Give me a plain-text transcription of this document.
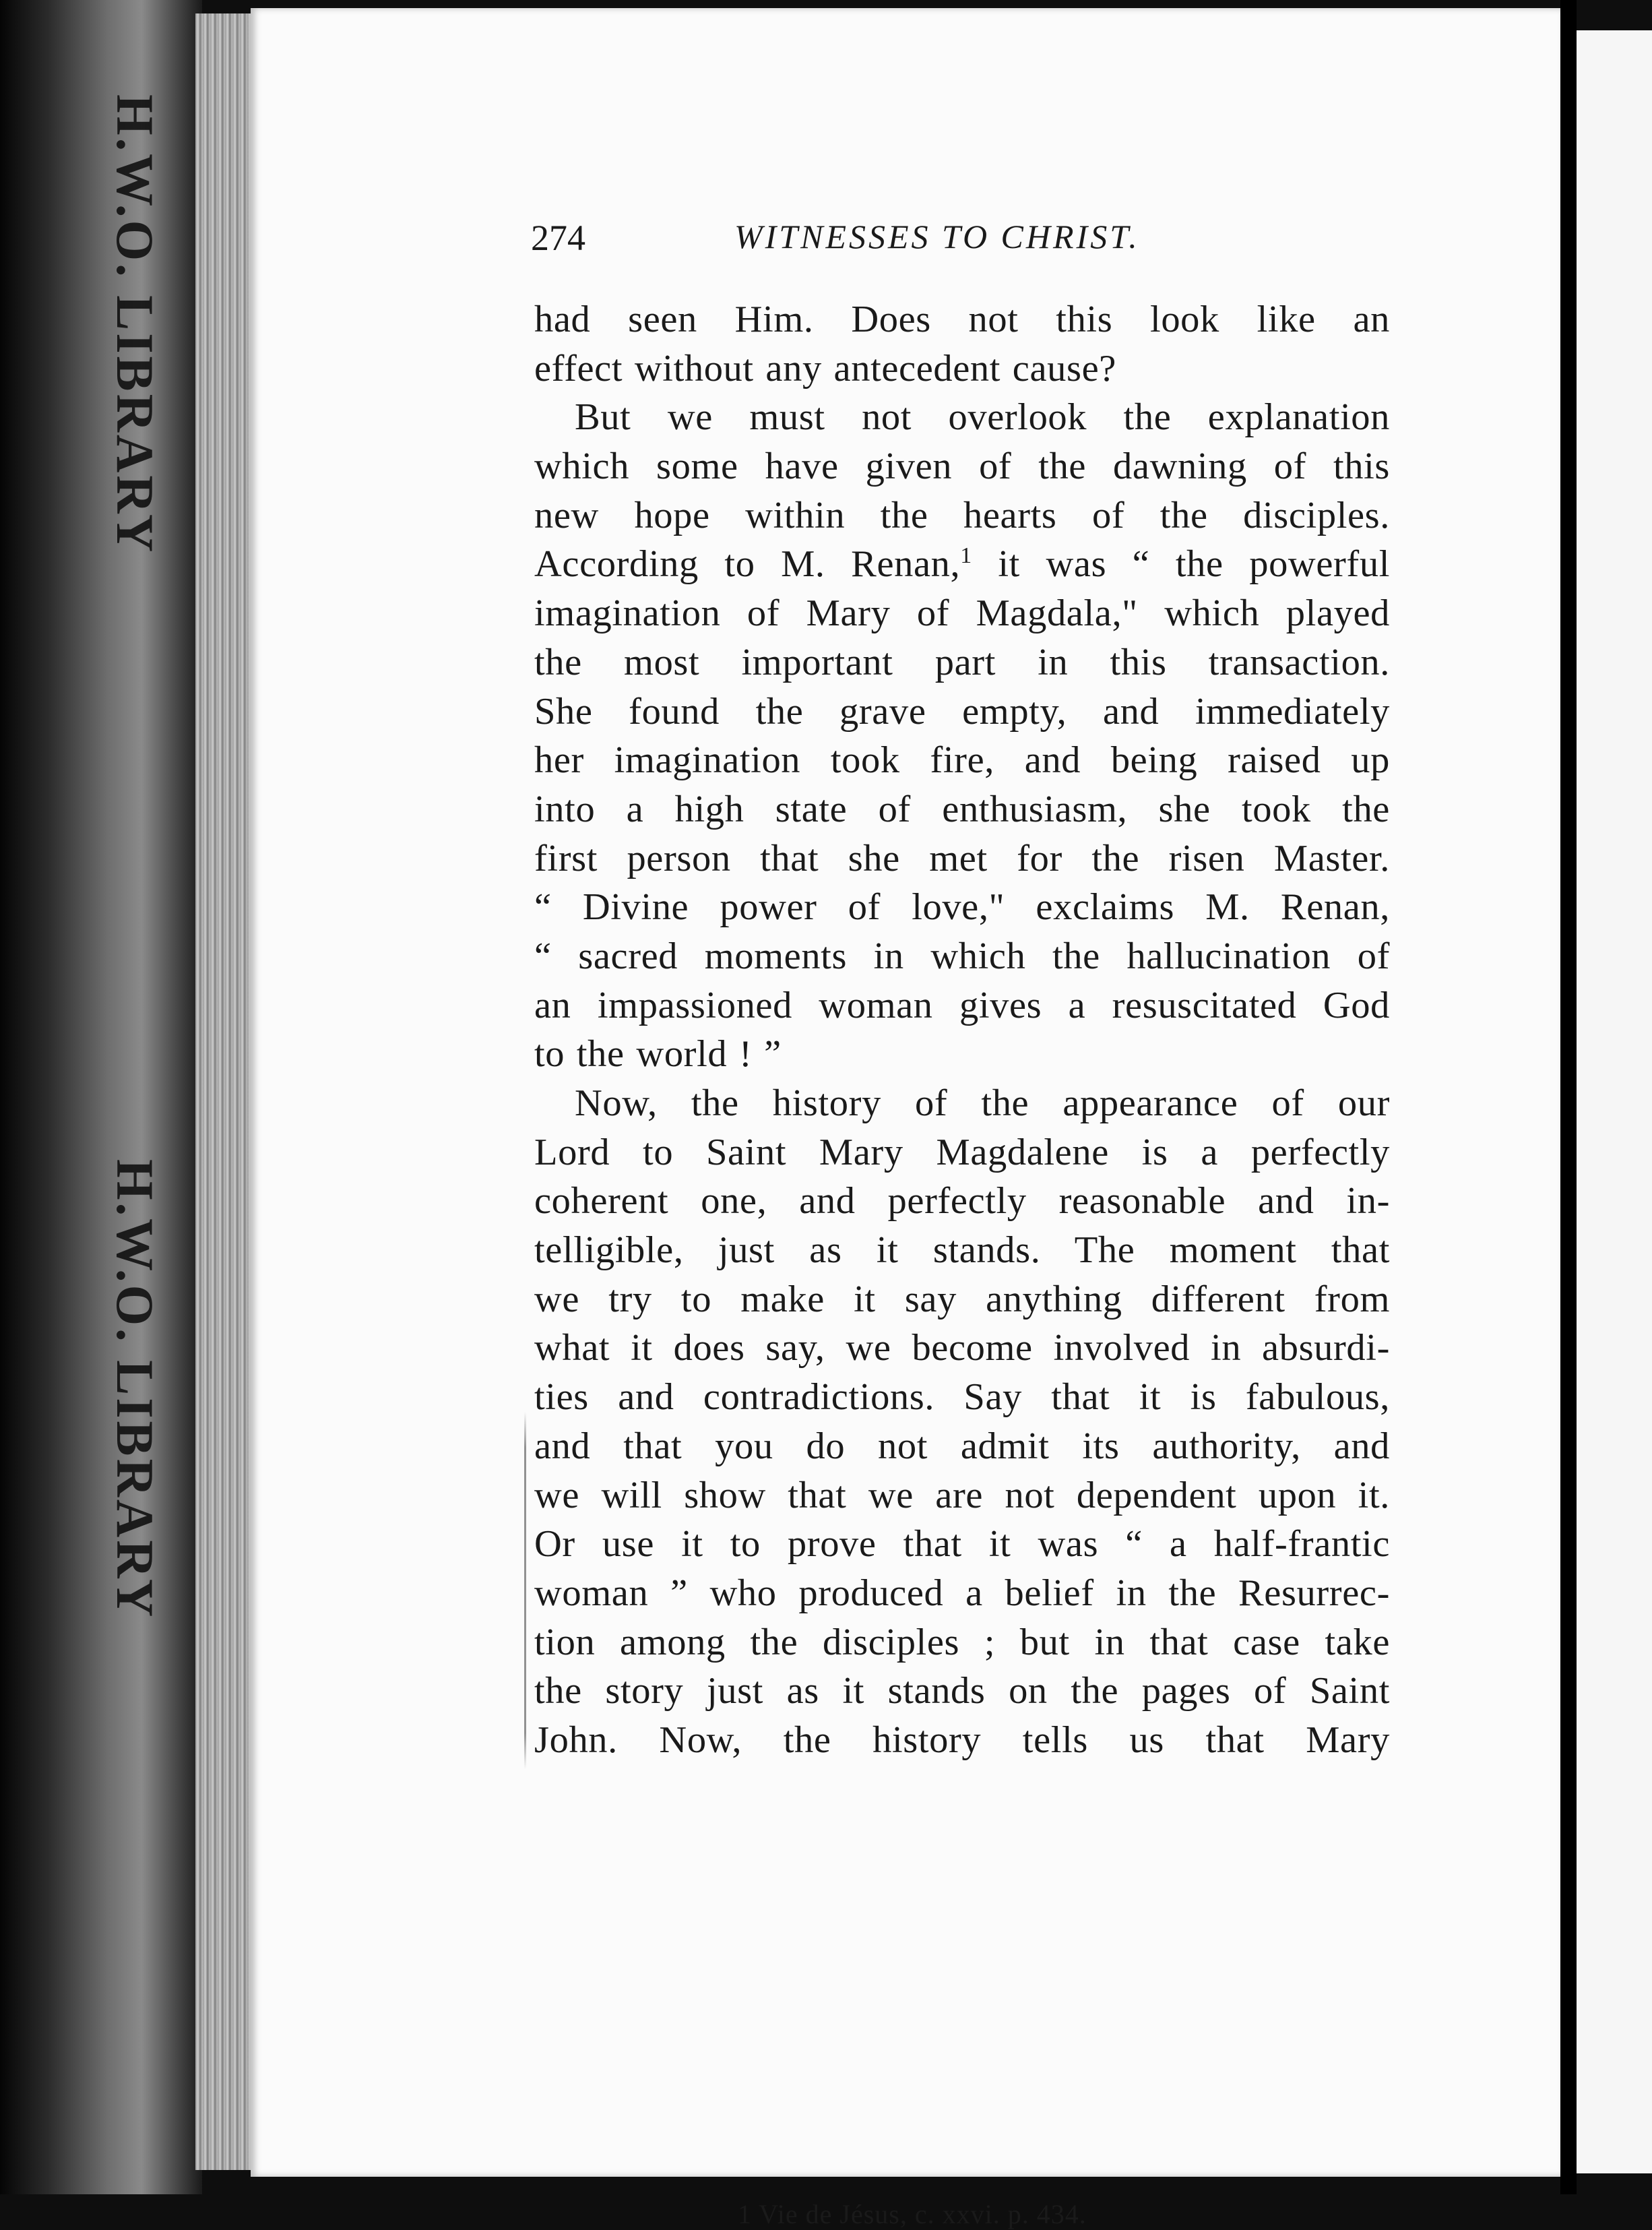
H.W.O. LIBRARY
H.W.O. LIBRARY
274	WITNESSES TO CHRIST.
had seen Him. Does not this look like an
effect without any antecedent cause?
But we must not overlook the explanation
which some have given of the dawning of this
new hope within the hearts of the disciples.
According to M. Renan,$^1$ it was “ the powerful
imagination of Mary of Magdala," which played
the most important part in this transaction.
She found the grave empty, and immediately
her imagination took fire, and being raised up
into a high state of enthusiasm, she took the
first person that she met for the risen Master.
“ Divine power of love," exclaims M. Renan,
“ sacred moments in which the hallucination of
an impassioned woman gives a resuscitated God
to the world ! ”
Now, the history of the appearance of our
Lord to Saint Mary Magdalene is a perfectly
coherent one, and perfectly reasonable and in-
telligible, just as it stands. The moment that
we try to make it say anything different from
what it does say, we become involved in absurdi-
ties and contradictions. Say that it is fabulous,
and that you do not admit its authority, and
we will show that we are not dependent upon it.
Or use it to prove that it was “ a half-frantic
woman ” who produced a belief in the Resurrec-
tion among the disciples ; but in that case take
the story just as it stands on the pages of Saint
John. Now, the history tells us that Mary
1 Vie de Jésus, c. xxvi. p. 434.
